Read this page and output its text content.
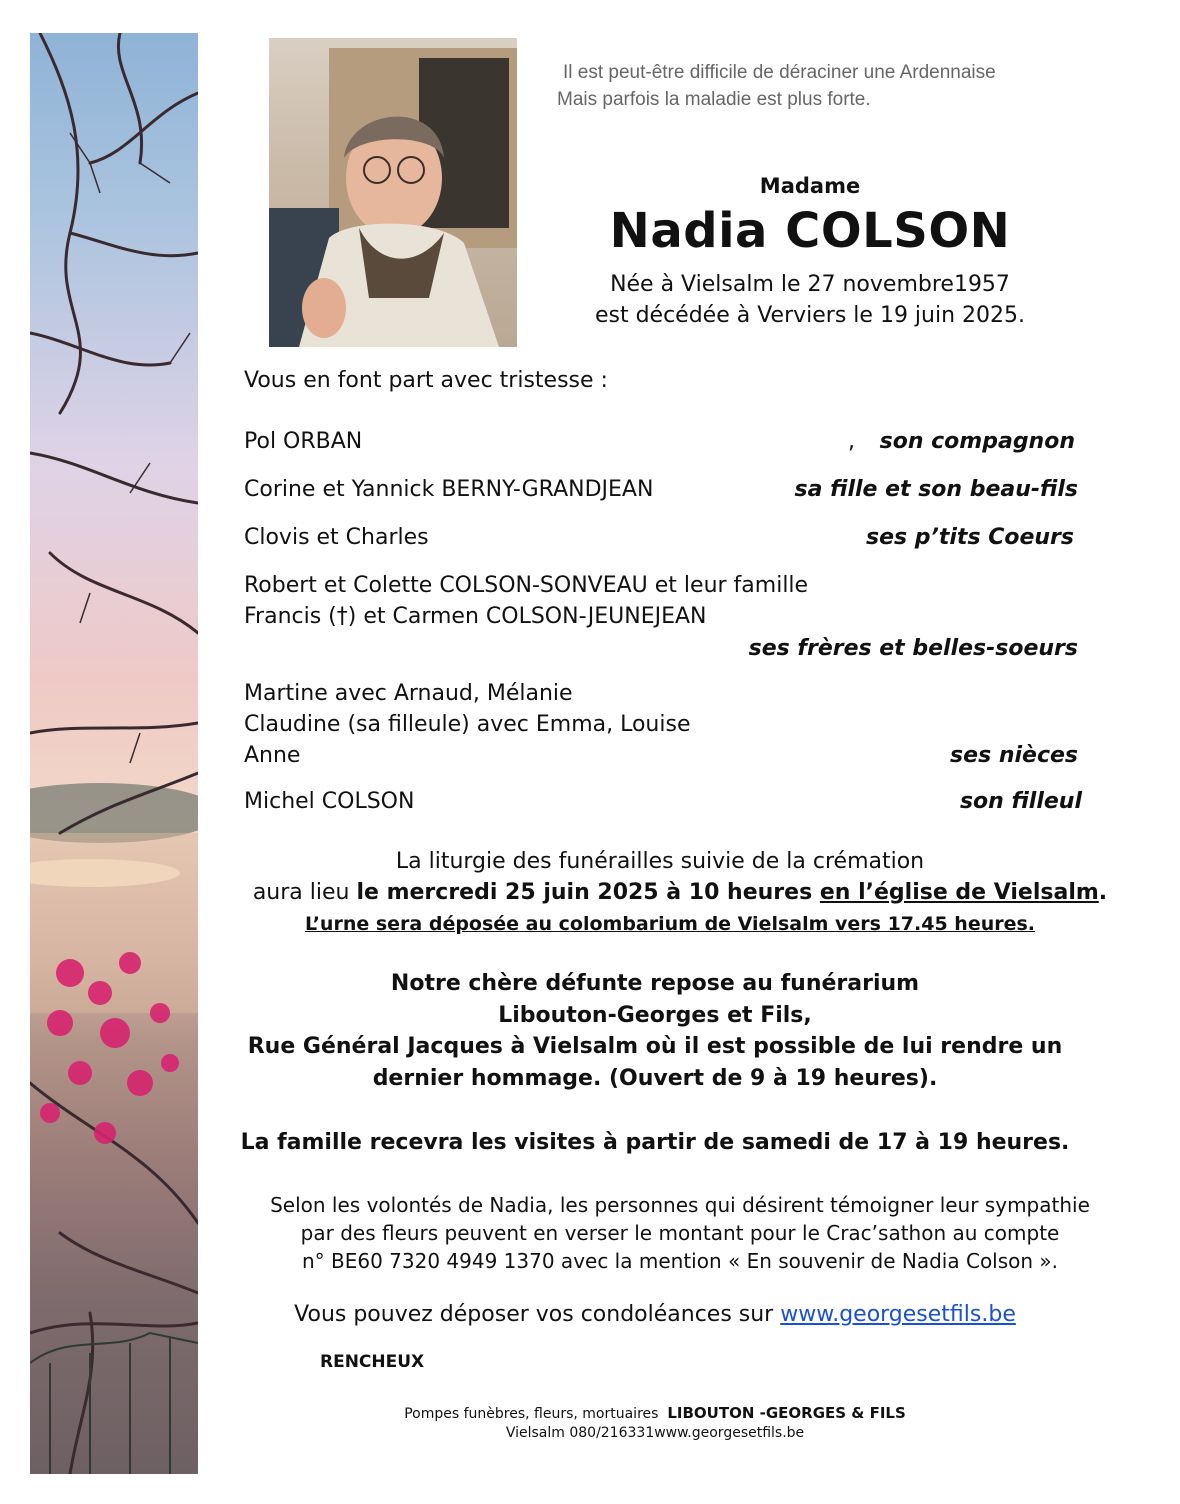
Il est peut-être difficile de déraciner une Ardennaise
Mais parfois la maladie est plus forte.
Madame
Nadia COLSON
Née à Vielsalm le 27 novembre1957
est décédée à Verviers le 19 juin 2025.
Vous en font part avec tristesse :
Pol ORBAN	, son compagnon
Corine et Yannick BERNY-GRANDJEAN	sa fille et son beau-fils
Clovis et Charles	ses p’tits Coeurs
Robert et Colette COLSON-SONVEAU et leur famille
Francis (†) et Carmen COLSON-JEUNEJEAN
ses frères et belles-soeurs
Martine avec Arnaud, Mélanie
Claudine (sa filleule) avec Emma, Louise
Anne	ses nièces
Michel COLSON	son filleul
La liturgie des funérailles suivie de la crémation
aura lieu le mercredi 25 juin 2025 à 10 heures en l’église de Vielsalm.
L’urne sera déposée au colombarium de Vielsalm vers 17.45 heures.
Notre chère défunte repose au funérarium
Libouton-Georges et Fils,
Rue Général Jacques à Vielsalm où il est possible de lui rendre un
dernier hommage. (Ouvert de 9 à 19 heures).
La famille recevra les visites à partir de samedi de 17 à 19 heures.
Selon les volontés de Nadia, les personnes qui désirent témoigner leur sympathie
par des fleurs peuvent en verser le montant pour le Crac’sathon au compte
n° BE60 7320 4949 1370 avec la mention « En souvenir de Nadia Colson ».
Vous pouvez déposer vos condoléances sur www.georgesetfils.be
RENCHEUX
Pompes funèbres, fleurs, mortuaires LIBOUTON -GEORGES & FILS
Vielsalm 080/216331www.georgesetfils.be
